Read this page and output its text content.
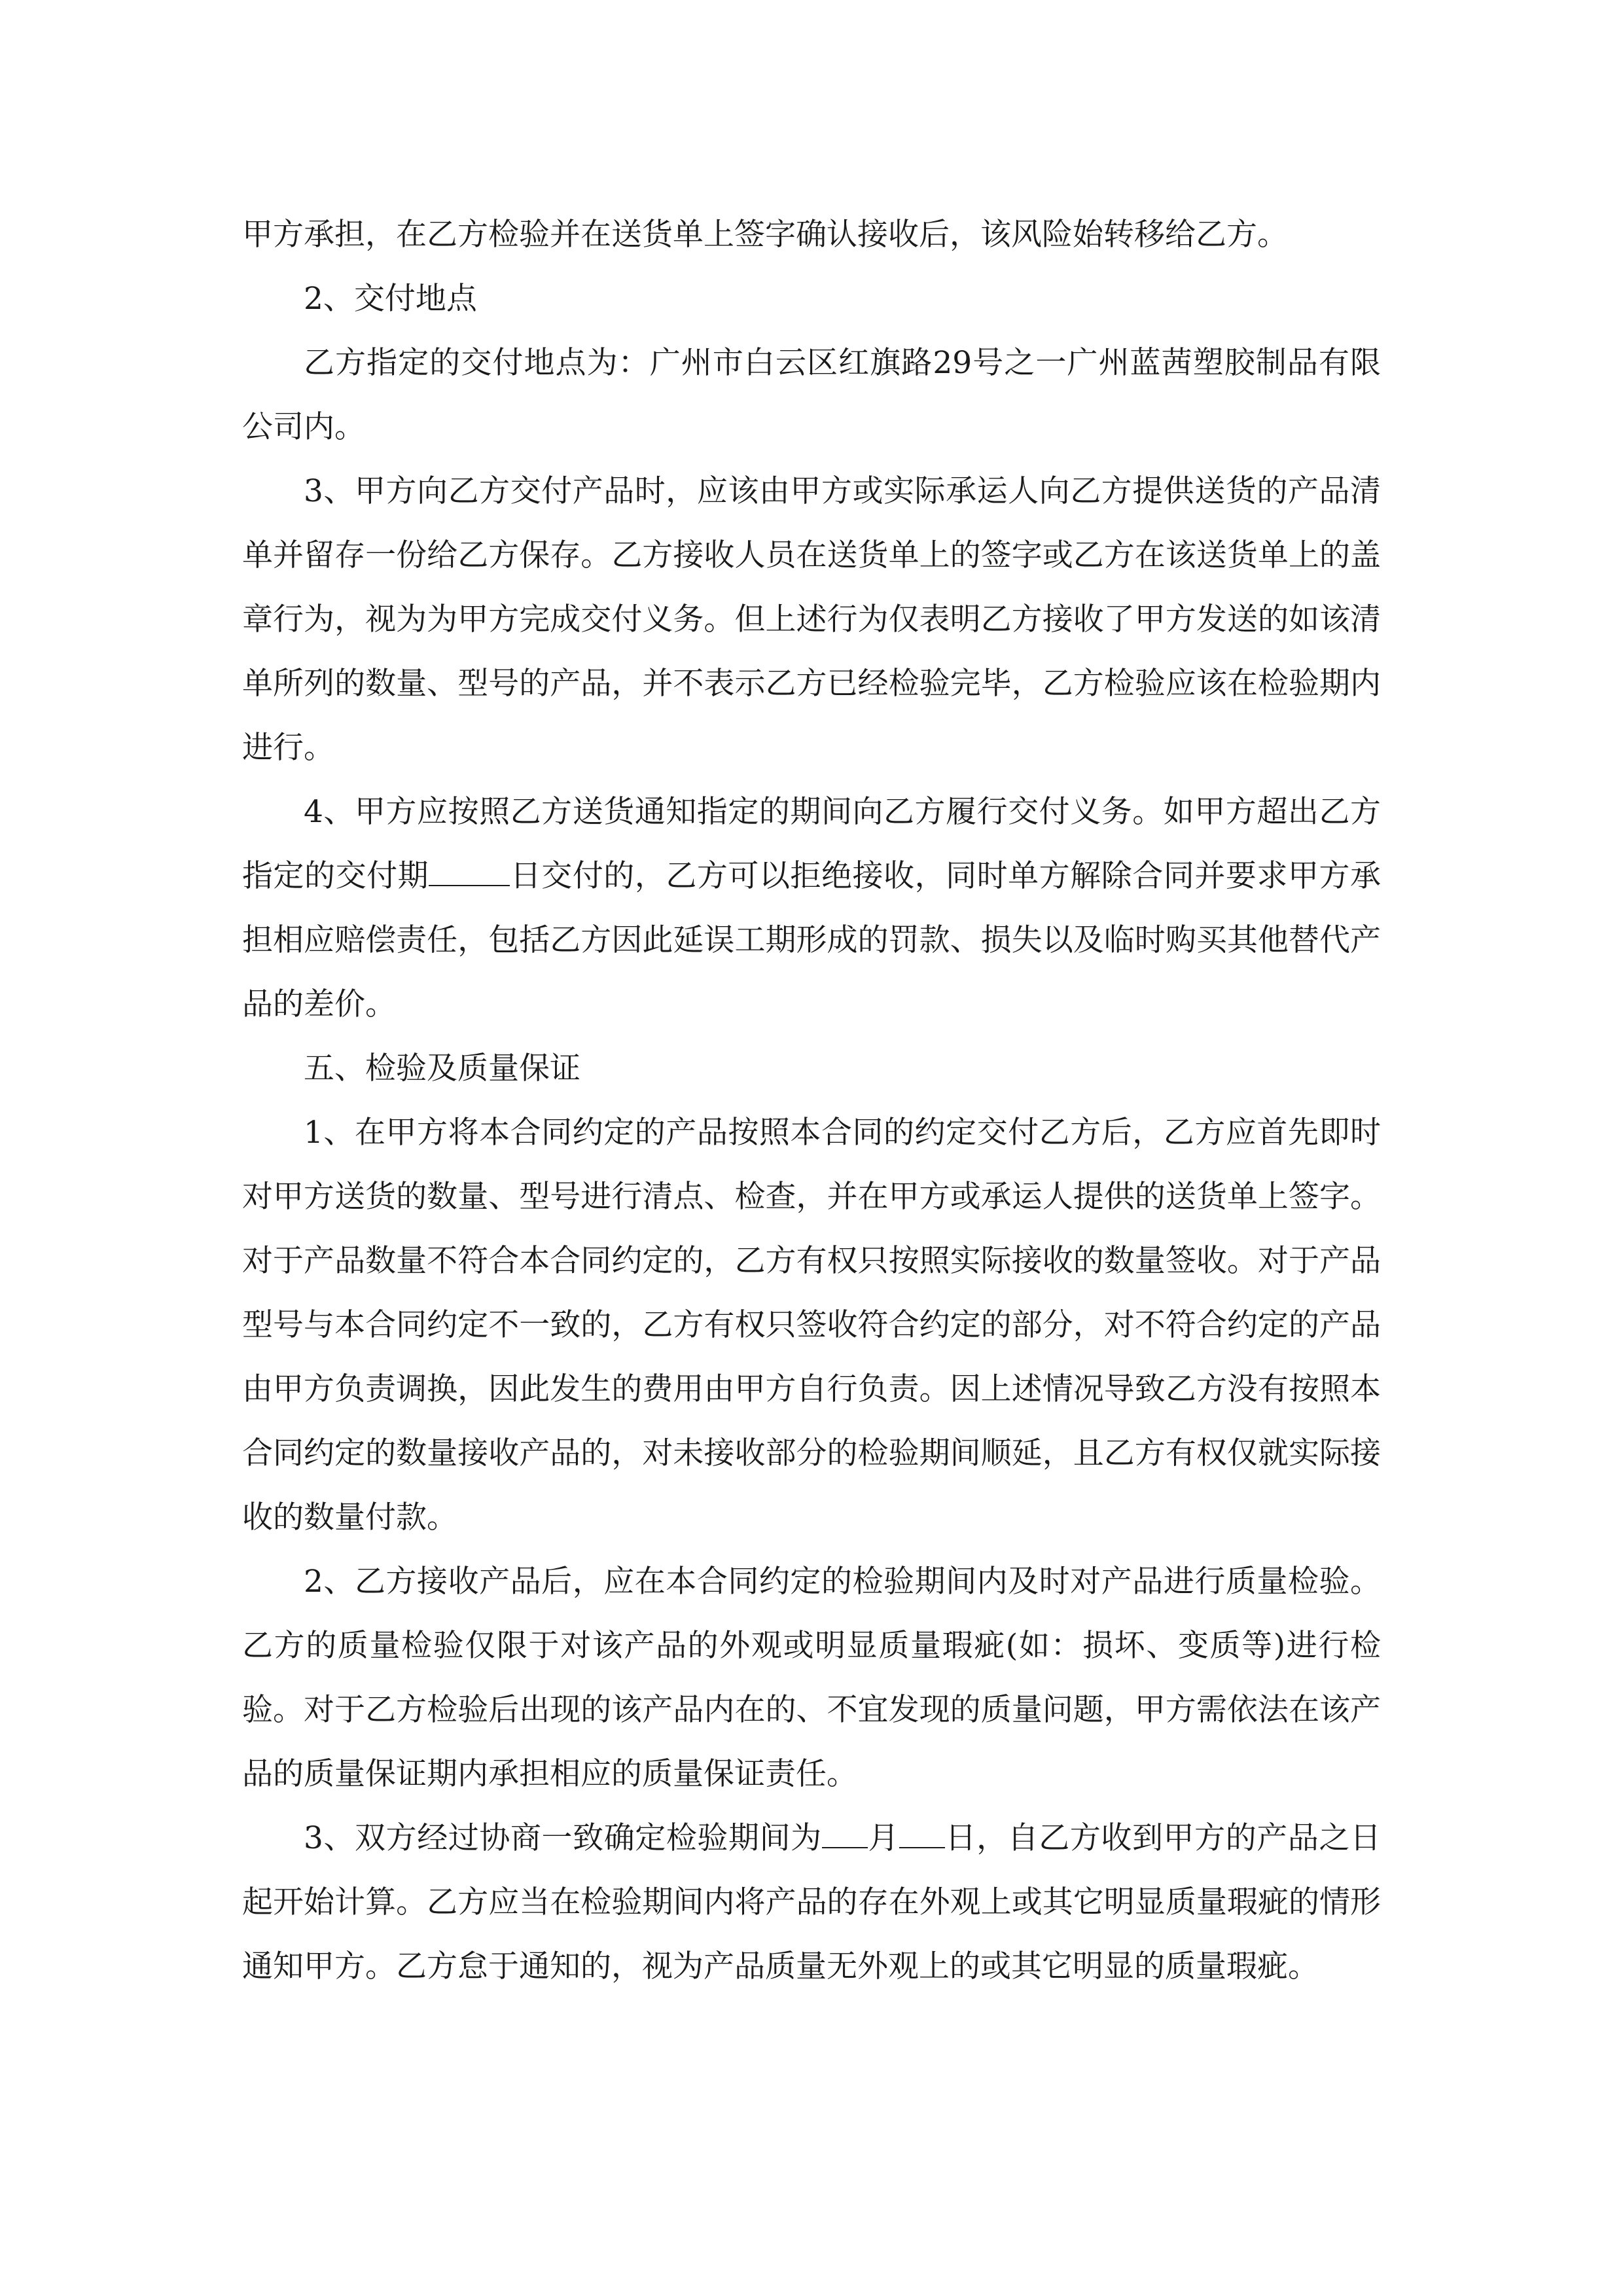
甲方承担，在乙方检验并在送货单上签字确认接收后，该风险始转移给乙方。

2、交付地点

乙方指定的交付地点为：广州市白云区红旗路29号之一广州蓝茜塑胶制品有限公司内。

3、甲方向乙方交付产品时，应该由甲方或实际承运人向乙方提供送货的产品清单并留存一份给乙方保存。乙方接收人员在送货单上的签字或乙方在该送货单上的盖章行为，视为为甲方完成交付义务。但上述行为仅表明乙方接收了甲方发送的如该清单所列的数量、型号的产品，并不表示乙方已经检验完毕，乙方检验应该在检验期内进行。

4、甲方应按照乙方送货通知指定的期间向乙方履行交付义务。如甲方超出乙方指定的交付期	日交付的，乙方可以拒绝接收，同时单方解除合同并要求甲方承担相应赔偿责任，包括乙方因此延误工期形成的罚款、损失以及临时购买其他替代产品的差价。

五、检验及质量保证

1、在甲方将本合同约定的产品按照本合同的约定交付乙方后，乙方应首先即时对甲方送货的数量、型号进行清点、检查，并在甲方或承运人提供的送货单上签字。对于产品数量不符合本合同约定的，乙方有权只按照实际接收的数量签收。对于产品型号与本合同约定不一致的，乙方有权只签收符合约定的部分，对不符合约定的产品由甲方负责调换，因此发生的费用由甲方自行负责。因上述情况导致乙方没有按照本合同约定的数量接收产品的，对未接收部分的检验期间顺延，且乙方有权仅就实际接收的数量付款。

2、乙方接收产品后，应在本合同约定的检验期间内及时对产品进行质量检验。乙方的质量检验仅限于对该产品的外观或明显质量瑕疵(如：损坏、变质等)进行检验。对于乙方检验后出现的该产品内在的、不宜发现的质量问题，甲方需依法在该产品的质量保证期内承担相应的质量保证责任。

3、双方经过协商一致确定检验期间为 月 日，自乙方收到甲方的产品之日起开始计算。乙方应当在检验期间内将产品的存在外观上或其它明显质量瑕疵的情形通知甲方。乙方怠于通知的，视为产品质量无外观上的或其它明显的质量瑕疵。
